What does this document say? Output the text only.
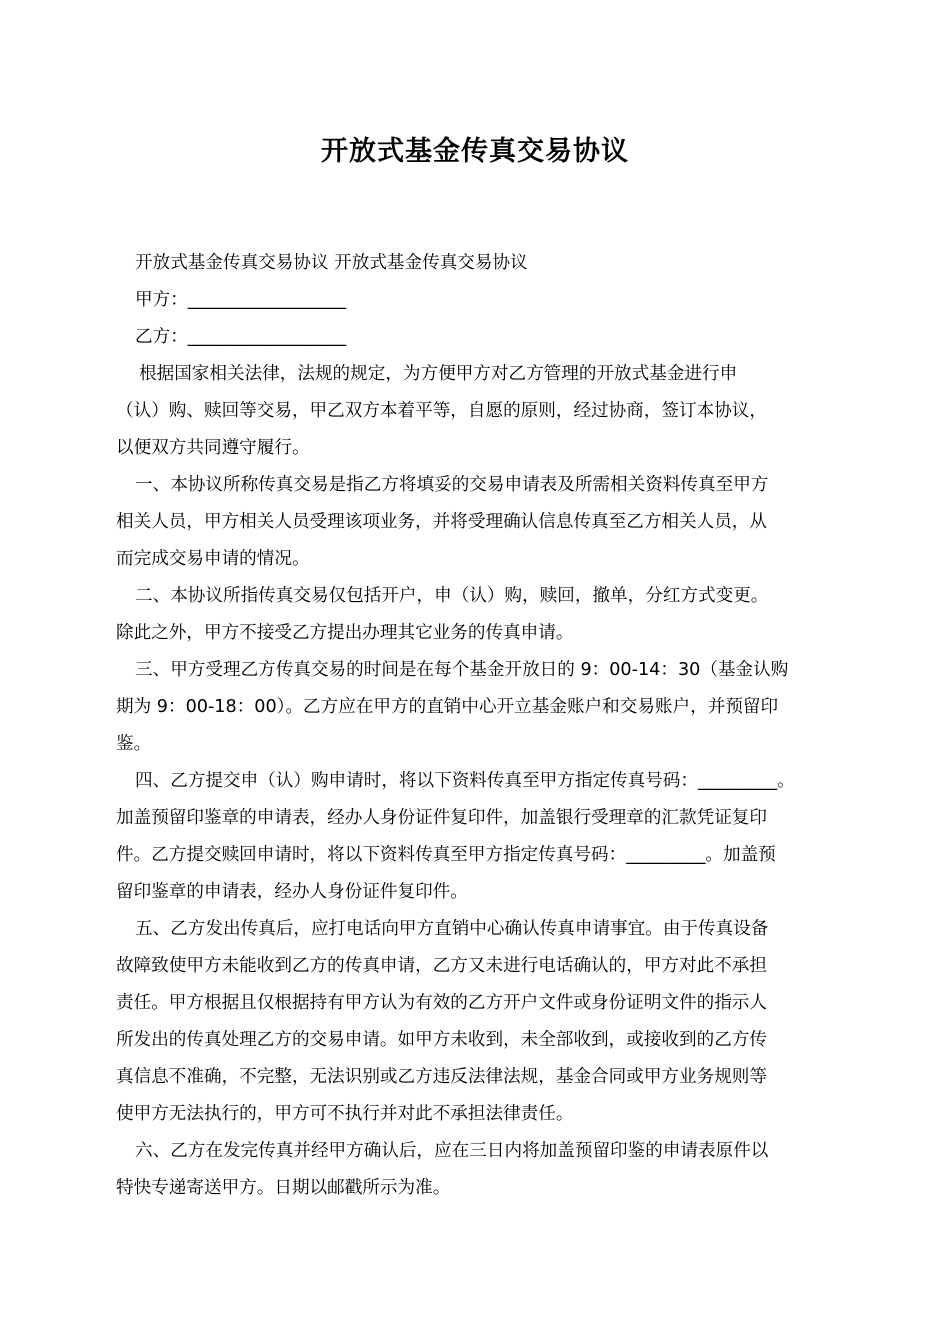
开放式基金传真交易协议
开放式基金传真交易协议 开放式基金传真交易协议
甲方：__________________
乙方：__________________
根据国家相关法律，法规的规定，为方便甲方对乙方管理的开放式基金进行申
（认）购、赎回等交易，甲乙双方本着平等，自愿的原则，经过协商，签订本协议，
以便双方共同遵守履行。
一、本协议所称传真交易是指乙方将填妥的交易申请表及所需相关资料传真至甲方
相关人员，甲方相关人员受理该项业务，并将受理确认信息传真至乙方相关人员，从
而完成交易申请的情况。
二、本协议所指传真交易仅包括开户，申（认）购，赎回，撤单，分红方式变更。
除此之外，甲方不接受乙方提出办理其它业务的传真申请。
三、甲方受理乙方传真交易的时间是在每个基金开放日的 9：00-14：30（基金认购
期为 9：00-18：00）。乙方应在甲方的直销中心开立基金账户和交易账户，并预留印
鉴。
四、乙方提交申（认）购申请时，将以下资料传真至甲方指定传真号码：_________。
加盖预留印鉴章的申请表，经办人身份证件复印件，加盖银行受理章的汇款凭证复印
件。乙方提交赎回申请时，将以下资料传真至甲方指定传真号码：_________。加盖预
留印鉴章的申请表，经办人身份证件复印件。
五、乙方发出传真后，应打电话向甲方直销中心确认传真申请事宜。由于传真设备
故障致使甲方未能收到乙方的传真申请，乙方又未进行电话确认的，甲方对此不承担
责任。甲方根据且仅根据持有甲方认为有效的乙方开户文件或身份证明文件的指示人
所发出的传真处理乙方的交易申请。如甲方未收到，未全部收到，或接收到的乙方传
真信息不准确，不完整，无法识别或乙方违反法律法规，基金合同或甲方业务规则等
使甲方无法执行的，甲方可不执行并对此不承担法律责任。
六、乙方在发完传真并经甲方确认后，应在三日内将加盖预留印鉴的申请表原件以
特快专递寄送甲方。日期以邮戳所示为准。
